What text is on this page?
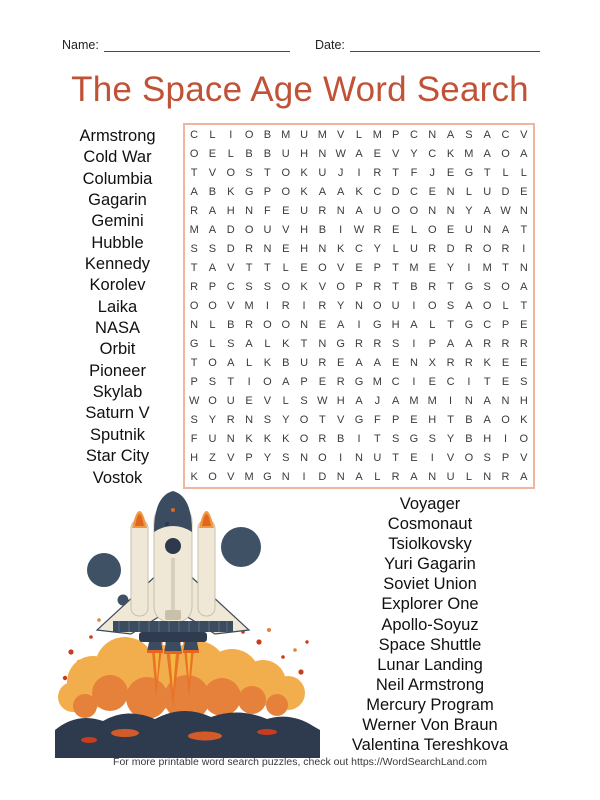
Name:	Date:
The Space Age Word Search
Armstrong
Cold War
Columbia
Gagarin
Gemini
Hubble
Kennedy
Korolev
Laika
NASA
Orbit
Pioneer
Skylab
Saturn V
Sputnik
Star City
Vostok
C	L	I	O B M U M V	L M P C N A S A C V
O E	L	B B U H N W A E V Y C K M A O A
T	V O S	T O K U	J	I	R T	F	J	E G T	L	L
A B K G P O K A A K C D C E N	L	U D E
R A H N F	E U R N A U O O N N Y A W N
M A D O U V H B	I	W R E	L O E U N A	T
S S D R N E H N K C Y	L	U R D R O R	I
T	A V	T	T	L	E O V E P	T M E Y	I	M T N
R P C S S O K V O P R T	B R T G S O A
O O V M	I	R	I	R Y N O U	I	O S A O L	T
N	L	B R O O N E A	I	G H A	L	T G C P E
G L	S A	L	K	T N G R R S	I	P A A R R R
T O A	L	K B U R E A A E N X R R K E E
P S	T	I	O A P E R G M C	I	E C	I	T	E S
W O U E V	L	S W H A	J	A M M	I	N A N H
S Y R N S Y O T	V G F	P E H T	B A O K
F U N K K K O R B	I	T	S G S Y B H	I	O
H Z	V P Y S N O	I	N U T	E	I	V O S P V
K O V M G N	I	D N A	L	R A N U	L	N R A
Voyager
Cosmonaut
Tsiolkovsky
Yuri Gagarin
Soviet Union
Explorer One
Apollo-Soyuz
Space Shuttle
Lunar Landing
Neil Armstrong
Mercury Program
Werner Von Braun
Valentina Tereshkova
For more printable word search puzzles, check out https://WordSearchLand.com
